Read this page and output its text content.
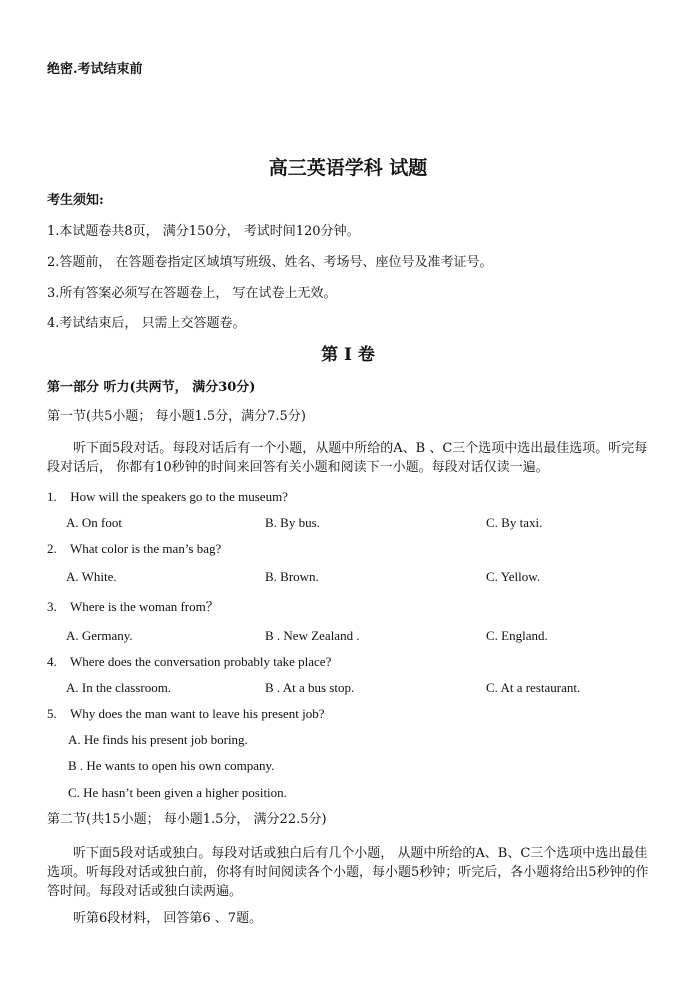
绝密.考试结束前
高三英语学科 试题
考生须知:
1.本试题卷共8页， 满分150分， 考试时间120分钟。
2.答题前， 在答题卷指定区域填写班级、姓名、考场号、座位号及准考证号。
3.所有答案必须写在答题卷上， 写在试卷上无效。
4.考试结束后， 只需上交答题卷。
第 I 卷
第一部分 听力(共两节， 满分30分)
第一节(共5小题； 每小题1.5分，满分7.5分)
听下面5段对话。每段对话后有一个小题，从题中所给的A、B 、C三个选项中选出最佳选项。听完每段对话后， 你都有10秒钟的时间来回答有关小题和阅读下一小题。每段对话仅读一遍。
1. How will the speakers go to the museum?
A. On foot	B. By bus.	C. By taxi.
2. What color is the man’s bag?
A. White.	B. Brown.	C. Yellow.
3. Where is the woman from？
A. Germany.	B . New Zealand .	C. England.
4. Where does the conversation probably take place?
A. In the classroom.	B . At a bus stop.	C. At a restaurant.
5. Why does the man want to leave his present job?
A. He finds his present job boring.
B . He wants to open his own company.
C. He hasn’t been given a higher position.
第二节(共15小题； 每小题1.5分， 满分22.5分)
听下面5段对话或独白。每段对话或独白后有几个小题， 从题中所给的A、B、C三个选项中选出最佳选项。听每段对话或独白前，你将有时间阅读各个小题，每小题5秒钟；听完后，各小题将给出5秒钟的作答时间。每段对话或独白读两遍。
听第6段材料， 回答第6 、7题。
